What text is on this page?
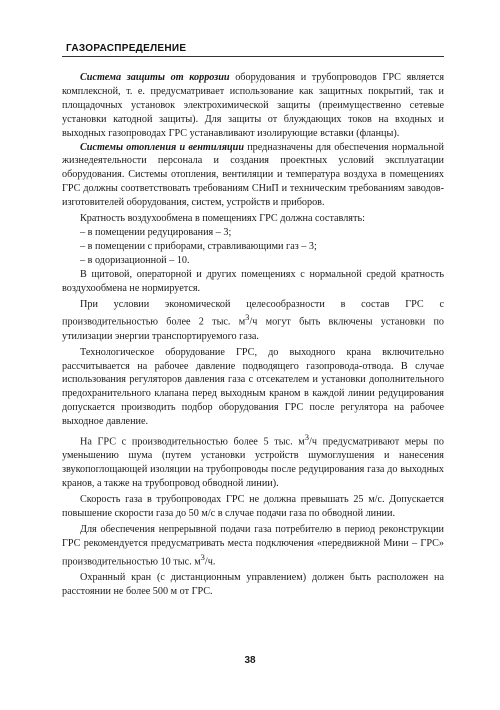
ГАЗОРАСПРЕДЕЛЕНИЕ

Система защиты от коррозии оборудования и трубопроводов ГРС является комплексной, т. е. предусматривает использование как защитных покрытий, так и площадочных установок электрохимической защиты (преимущественно сетевые установки катодной защиты). Для защиты от блуждающих токов на входных и выходных газопроводах ГРС устанавливают изолирующие вставки (фланцы).

Системы отопления и вентиляции предназначены для обеспечения нормальной жизнедеятельности персонала и создания проектных условий эксплуатации оборудования. Системы отопления, вентиляции и температура воздуха в помещениях ГРС должны соответствовать требованиям СНиП и техническим требованиям заводов-изготовителей оборудования, систем, устройств и приборов.

Кратность воздухообмена в помещениях ГРС должна составлять:

– в помещении редуцирования – 3;

– в помещении с приборами, стравливающими газ – 3;

– в одоризационной – 10.

В щитовой, операторной и других помещениях с нормальной средой кратность воздухообмена не нормируется.

При условии экономической целесообразности в состав ГРС с производительностью более 2 тыс. $м^3/ч$ могут быть включены установки по утилизации энергии транспортируемого газа.

Технологическое оборудование ГРС, до выходного крана включительно рассчитывается на рабочее давление подводящего газопровода-отвода. В случае использования регуляторов давления газа с отсекателем и установки дополнительного предохранительного клапана перед выходным краном в каждой линии редуцирования допускается производить подбор оборудования ГРС после регулятора на рабочее выходное давление.

На ГРС с производительностью более 5 тыс. $м^3/ч$ предусматривают меры по уменьшению шума (путем установки устройств шумоглушения и нанесения звукопоглощающей изоляции на трубопроводы после редуцирования газа до выходных кранов, а также на трубопровод обводной линии).

Скорость газа в трубопроводах ГРС не должна превышать 25 м/с. Допускается повышение скорости газа до 50 м/с в случае подачи газа по обводной линии.

Для обеспечения непрерывной подачи газа потребителю в период реконструкции ГРС рекомендуется предусматривать места подключения «передвижной Мини – ГРС» производительностью 10 тыс. $м^3/ч$.

Охранный кран (с дистанционным управлением) должен быть расположен на расстоянии не более 500 м от ГРС.

38
